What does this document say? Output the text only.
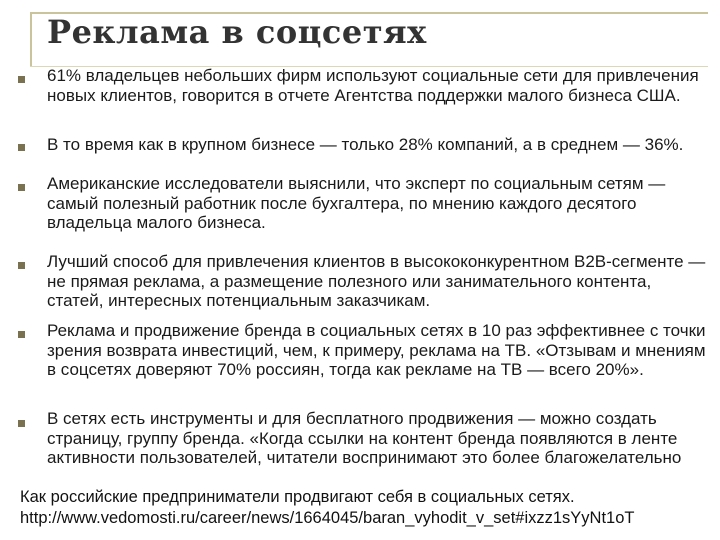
Реклама в соцсетях
61% владельцев небольших фирм используют социальные сети для привлечения новых клиентов, говорится в отчете Агентства поддержки малого бизнеса США.
В то время как в крупном бизнесе — только 28% компаний, а в среднем — 36%.
Американские исследователи выяснили, что эксперт по социальным сетям — самый полезный работник после бухгалтера, по мнению каждого десятого владельца малого бизнеса.
Лучший способ для привлечения клиентов в высококонкурентном B2B-сегменте — не прямая реклама, а размещение полезного или занимательного контента, статей, интересных потенциальным заказчикам.
Реклама и продвижение бренда в социальных сетях в 10 раз эффективнее с точки зрения возврата инвестиций, чем, к примеру, реклама на ТВ. «Отзывам и мнениям в соцсетях доверяют 70% россиян, тогда как рекламе на ТВ — всего 20%».
В сетях есть инструменты и для бесплатного продвижения — можно создать страницу, группу бренда. «Когда ссылки на контент бренда появляются в ленте активности пользователей, читатели воспринимают это более благожелательно
Как российские предприниматели продвигают себя в социальных сетях.
http://www.vedomosti.ru/career/news/1664045/baran_vyhodit_v_set#ixzz1sYyNt1oT
